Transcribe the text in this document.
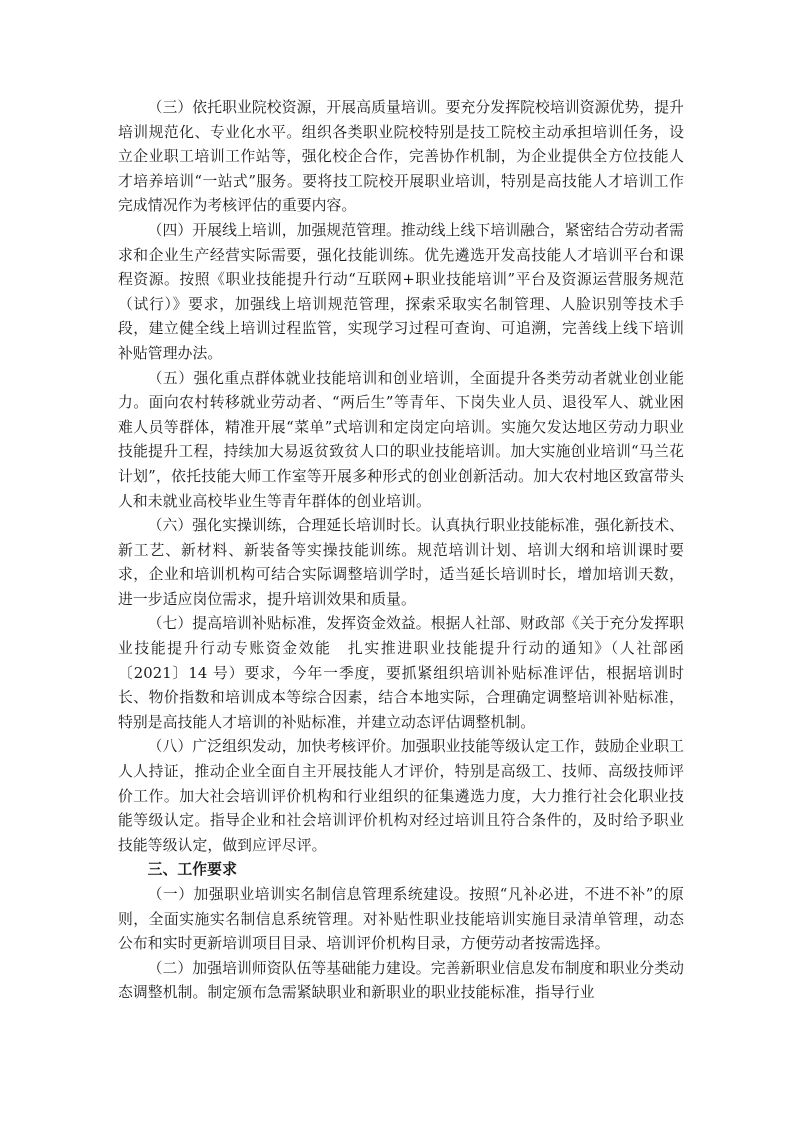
（三）依托职业院校资源，开展高质量培训。要充分发挥院校培训资源优势，提升培训规范化、专业化水平。组织各类职业院校特别是技工院校主动承担培训任务，设立企业职工培训工作站等，强化校企合作，完善协作机制，为企业提供全方位技能人才培养培训“一站式”服务。要将技工院校开展职业培训，特别是高技能人才培训工作完成情况作为考核评估的重要内容。

（四）开展线上培训，加强规范管理。推动线上线下培训融合，紧密结合劳动者需求和企业生产经营实际需要，强化技能训练。优先遴选开发高技能人才培训平台和课程资源。按照《职业技能提升行动“互联网+职业技能培训”平台及资源运营服务规范（试行）》要求，加强线上培训规范管理，探索采取实名制管理、人脸识别等技术手段，建立健全线上培训过程监管，实现学习过程可查询、可追溯，完善线上线下培训补贴管理办法。

（五）强化重点群体就业技能培训和创业培训，全面提升各类劳动者就业创业能力。面向农村转移就业劳动者、“两后生”等青年、下岗失业人员、退役军人、就业困难人员等群体，精准开展“菜单”式培训和定岗定向培训。实施欠发达地区劳动力职业技能提升工程，持续加大易返贫致贫人口的职业技能培训。加大实施创业培训“马兰花计划”，依托技能大师工作室等开展多种形式的创业创新活动。加大农村地区致富带头人和未就业高校毕业生等青年群体的创业培训。

（六）强化实操训练，合理延长培训时长。认真执行职业技能标准，强化新技术、新工艺、新材料、新装备等实操技能训练。规范培训计划、培训大纲和培训课时要求，企业和培训机构可结合实际调整培训学时，适当延长培训时长，增加培训天数，进一步适应岗位需求，提升培训效果和质量。

（七）提高培训补贴标准，发挥资金效益。根据人社部、财政部《关于充分发挥职业技能提升行动专账资金效能　扎实推进职业技能提升行动的通知》（人社部函〔2021〕14 号）要求，今年一季度，要抓紧组织培训补贴标准评估，根据培训时长、物价指数和培训成本等综合因素，结合本地实际，合理确定调整培训补贴标准，特别是高技能人才培训的补贴标准，并建立动态评估调整机制。

（八）广泛组织发动，加快考核评价。加强职业技能等级认定工作，鼓励企业职工人人持证，推动企业全面自主开展技能人才评价，特别是高级工、技师、高级技师评价工作。加大社会培训评价机构和行业组织的征集遴选力度，大力推行社会化职业技能等级认定。指导企业和社会培训评价机构对经过培训且符合条件的，及时给予职业技能等级认定，做到应评尽评。

三、工作要求

（一）加强职业培训实名制信息管理系统建设。按照“凡补必进，不进不补”的原则，全面实施实名制信息系统管理。对补贴性职业技能培训实施目录清单管理，动态公布和实时更新培训项目目录、培训评价机构目录，方便劳动者按需选择。

（二）加强培训师资队伍等基础能力建设。完善新职业信息发布制度和职业分类动态调整机制。制定颁布急需紧缺职业和新职业的职业技能标准，指导行业
